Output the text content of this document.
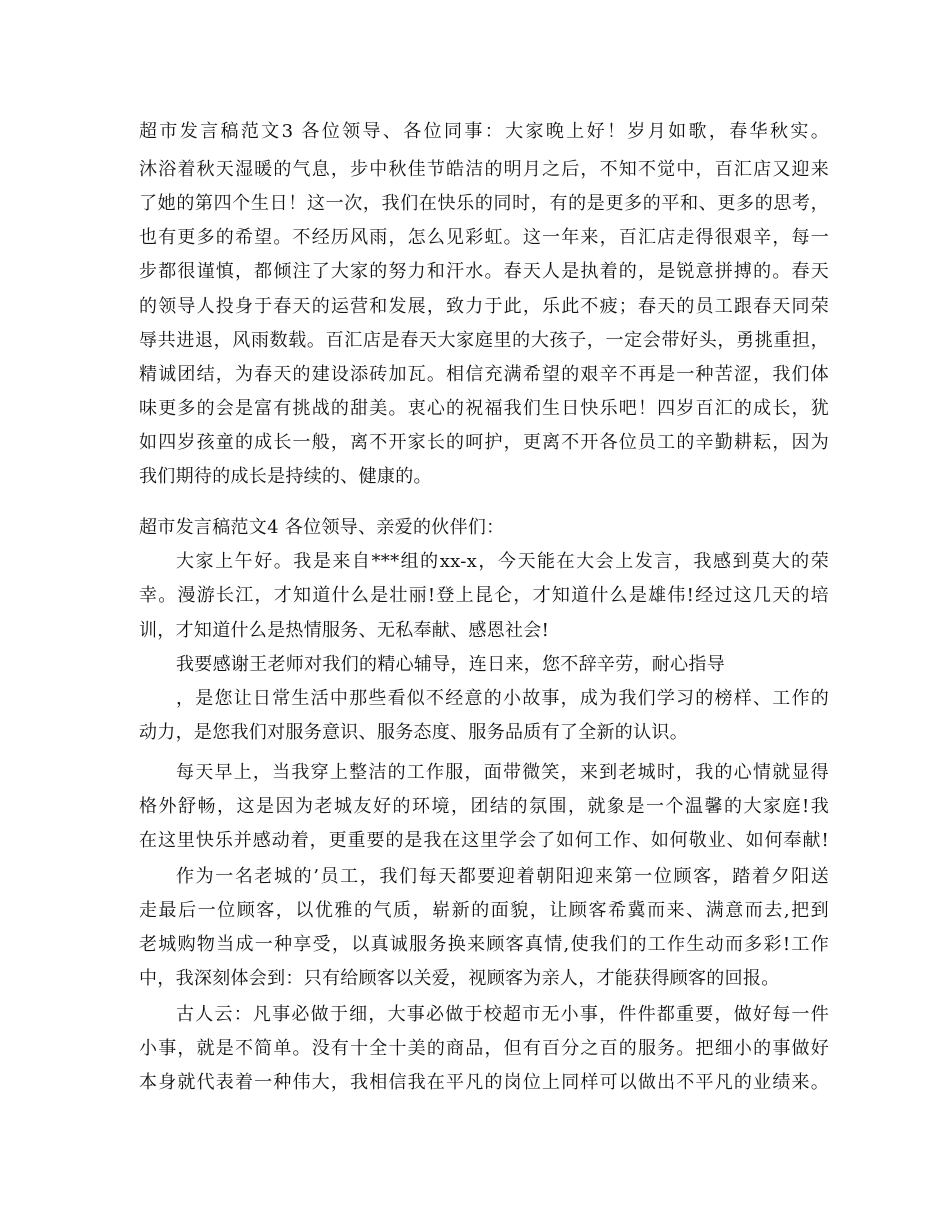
超市发言稿范文3 各位领导、各位同事：大家晚上好！岁月如歌，春华秋实。
沐浴着秋天湿暖的气息，步中秋佳节皓洁的明月之后，不知不觉中，百汇店又迎来
了她的第四个生日！这一次，我们在快乐的同时，有的是更多的平和、更多的思考，
也有更多的希望。不经历风雨，怎么见彩虹。这一年来，百汇店走得很艰辛，每一
步都很谨慎，都倾注了大家的努力和汗水。春天人是执着的，是锐意拼搏的。春天
的领导人投身于春天的运营和发展，致力于此，乐此不疲；春天的员工跟春天同荣
辱共进退，风雨数载。百汇店是春天大家庭里的大孩子，一定会带好头，勇挑重担，
精诚团结，为春天的建设添砖加瓦。相信充满希望的艰辛不再是一种苦涩，我们体
味更多的会是富有挑战的甜美。衷心的祝福我们生日快乐吧！四岁百汇的成长，犹
如四岁孩童的成长一般，离不开家长的呵护，更离不开各位员工的辛勤耕耘，因为
我们期待的成长是持续的、健康的。
超市发言稿范文4 各位领导、亲爱的伙伴们：
大家上午好。我是来自***组的xx-x，今天能在大会上发言，我感到莫大的荣
幸。漫游长江，才知道什么是壮丽!登上昆仑，才知道什么是雄伟!经过这几天的培
训，才知道什么是热情服务、无私奉献、感恩社会!
我要感谢王老师对我们的精心辅导，连日来，您不辞辛劳，耐心指导
，是您让日常生活中那些看似不经意的小故事，成为我们学习的榜样、工作的
动力，是您我们对服务意识、服务态度、服务品质有了全新的认识。
每天早上，当我穿上整洁的工作服，面带微笑，来到老城时，我的心情就显得
格外舒畅，这是因为老城友好的环境，团结的氛围，就象是一个温馨的大家庭!我
在这里快乐并感动着，更重要的是我在这里学会了如何工作、如何敬业、如何奉献!
作为一名老城的’员工，我们每天都要迎着朝阳迎来第一位顾客，踏着夕阳送
走最后一位顾客，以优雅的气质，崭新的面貌，让顾客希冀而来、满意而去,把到
老城购物当成一种享受，以真诚服务换来顾客真情,使我们的工作生动而多彩!工作
中，我深刻体会到：只有给顾客以关爱，视顾客为亲人，才能获得顾客的回报。
古人云：凡事必做于细，大事必做于校超市无小事，件件都重要，做好每一件
小事，就是不简单。没有十全十美的商品，但有百分之百的服务。把细小的事做好
本身就代表着一种伟大，我相信我在平凡的岗位上同样可以做出不平凡的业绩来。
